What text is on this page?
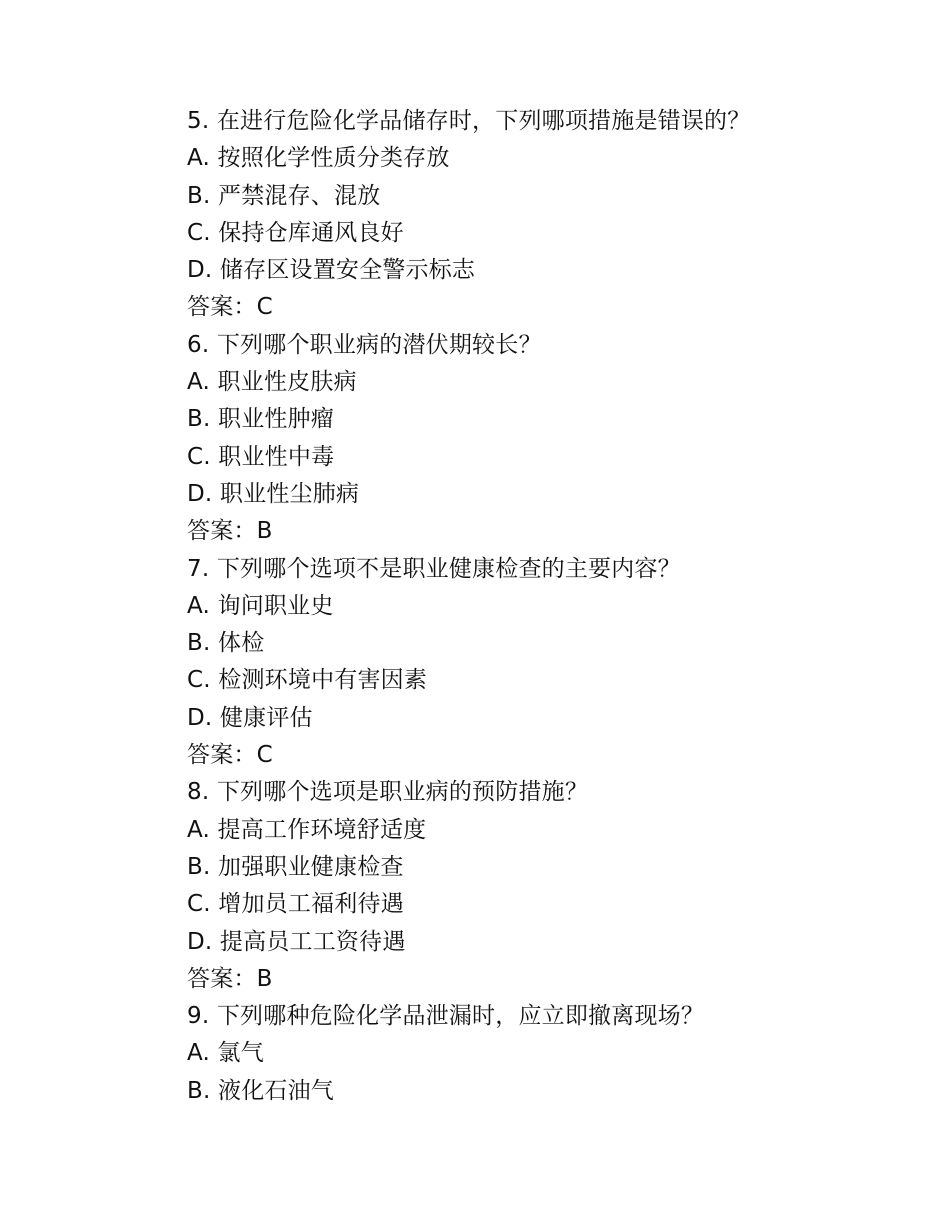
5. 在进行危险化学品储存时，下列哪项措施是错误的？
A. 按照化学性质分类存放
B. 严禁混存、混放
C. 保持仓库通风良好
D. 储存区设置安全警示标志
答案：C
6. 下列哪个职业病的潜伏期较长？
A. 职业性皮肤病
B. 职业性肿瘤
C. 职业性中毒
D. 职业性尘肺病
答案：B
7. 下列哪个选项不是职业健康检查的主要内容？
A. 询问职业史
B. 体检
C. 检测环境中有害因素
D. 健康评估
答案：C
8. 下列哪个选项是职业病的预防措施？
A. 提高工作环境舒适度
B. 加强职业健康检查
C. 增加员工福利待遇
D. 提高员工工资待遇
答案：B
9. 下列哪种危险化学品泄漏时，应立即撤离现场？
A. 氯气
B. 液化石油气
